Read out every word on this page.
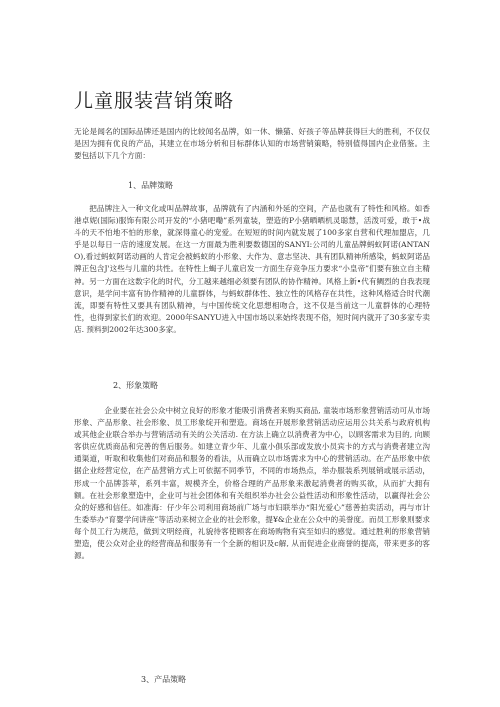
儿童服装营销策略

无论是闻名的国际品牌还是国内的比较闻名品牌，如一休、懒猫、好孩子等品牌获得巨大的胜利，不仅仅是因为拥有优良的产品，其建立在市场分析和目标群体认知的市场营销策略，特别值得国内企业借鉴。主要包括以下几个方面：

1、品牌策略

把品牌注入一种文化或叫品牌故事，品牌就有了内涵和外延的空间，产品也就有了特性和风格。如香港卓妮(国际)服饰有限公司开发的“小猪吧嘞”系列童装，塑造的P小猪晒晒机灵聪慧，活泼可爱，敢于•战斗的天不怕地不怕的形象，就深得童心的宠爱。在短短的时间内就发展了100多家自营和代理加盟店，几乎是以每日一店的速度发展。在这一方面最为胜利要数德国的SANYI:公司的儿童品牌蚂蚁阿诺(ANTANO),看过蚂蚁阿诺动画的人肯定会被蚂蚁的小形象、大作为、意志坚决、具有团队精神所感染，蚂蚁阿诺品牌正包含J'这些与儿童的共性。在特性上蝎子儿童启发一方面生存竞争压力要求“小皇帝”们要有独立自主精神。另一方面在这数字化的时代，分工越来越细必须要有团队的协作精神。风格上新•代有鲷烈的自我表现意识，是学问丰富有协作精神的儿童群体，与蚂蚁群体性、独立性的风格存在共性，这种风格适合时代潮流，即要有特性又要具有团队精神，与中国传统文化思想相吻合，这不仅是当前这一儿童群体的心理特性，也得到家长们的欢迎。2000年SANYU进入中国市场以来始终表现不俗，短时间内就开了30多家专卖店. 预料到2002年达300多家。

2、形象策略

企业要在社会公众中树立良好的形象才能吸引消费者来购买商品, 童装市场形象营销活动可从市场形象、产品形象、社会形象、员工形象绽开和塑造。商场在开展形象营销活动应运用公共关系与政府机构或其他企业联合举办与营销活动有关的公关活动. 在方法上确立以消费者为中心，以顾客需求为目的, 向顾客供应优质商品和完善的售后服务。如建立青少年、儿童小俱乐部或发放小员宾卡的方式与消费者建立沟通渠道，听取和收集他们对商品和服务的看法，从而确立以市场需求为中心的营销活动。在产品形象中依据企业经营定位，在产品营销方式上可依据不同季节，不同的市场热点，举办服装系列展销或展示活动，形成一个品牌荟萃，系列丰富，规模齐全，价格合理的产品形象来激起消费者的购买欲，从而扩大拥有额。在社会形象塑造中，企业可与社会团体和有关组织举办社会公益性活动和形象性活动，以赢得社会公众的好感和信任。如准海：仔少年公司利用商场前广场与市妇联举办“阳光爱心”慈善拍卖活动，再与市计生委举办“育婴学问讲座”等活动来树立企业的社会形象，提¥&企业在公众中的美誉度。而员工形象则要求每个员工行为规范，做到文明经商，礼貌待客使顾客在商场购物有宾至如归的感觉。通过胜利的形象营销塑造，使公众对企业的经营商品和服务有一个全新的相识及c解, 从而促进企业商誉的提高，带来更多的客源。

3、产品策略
